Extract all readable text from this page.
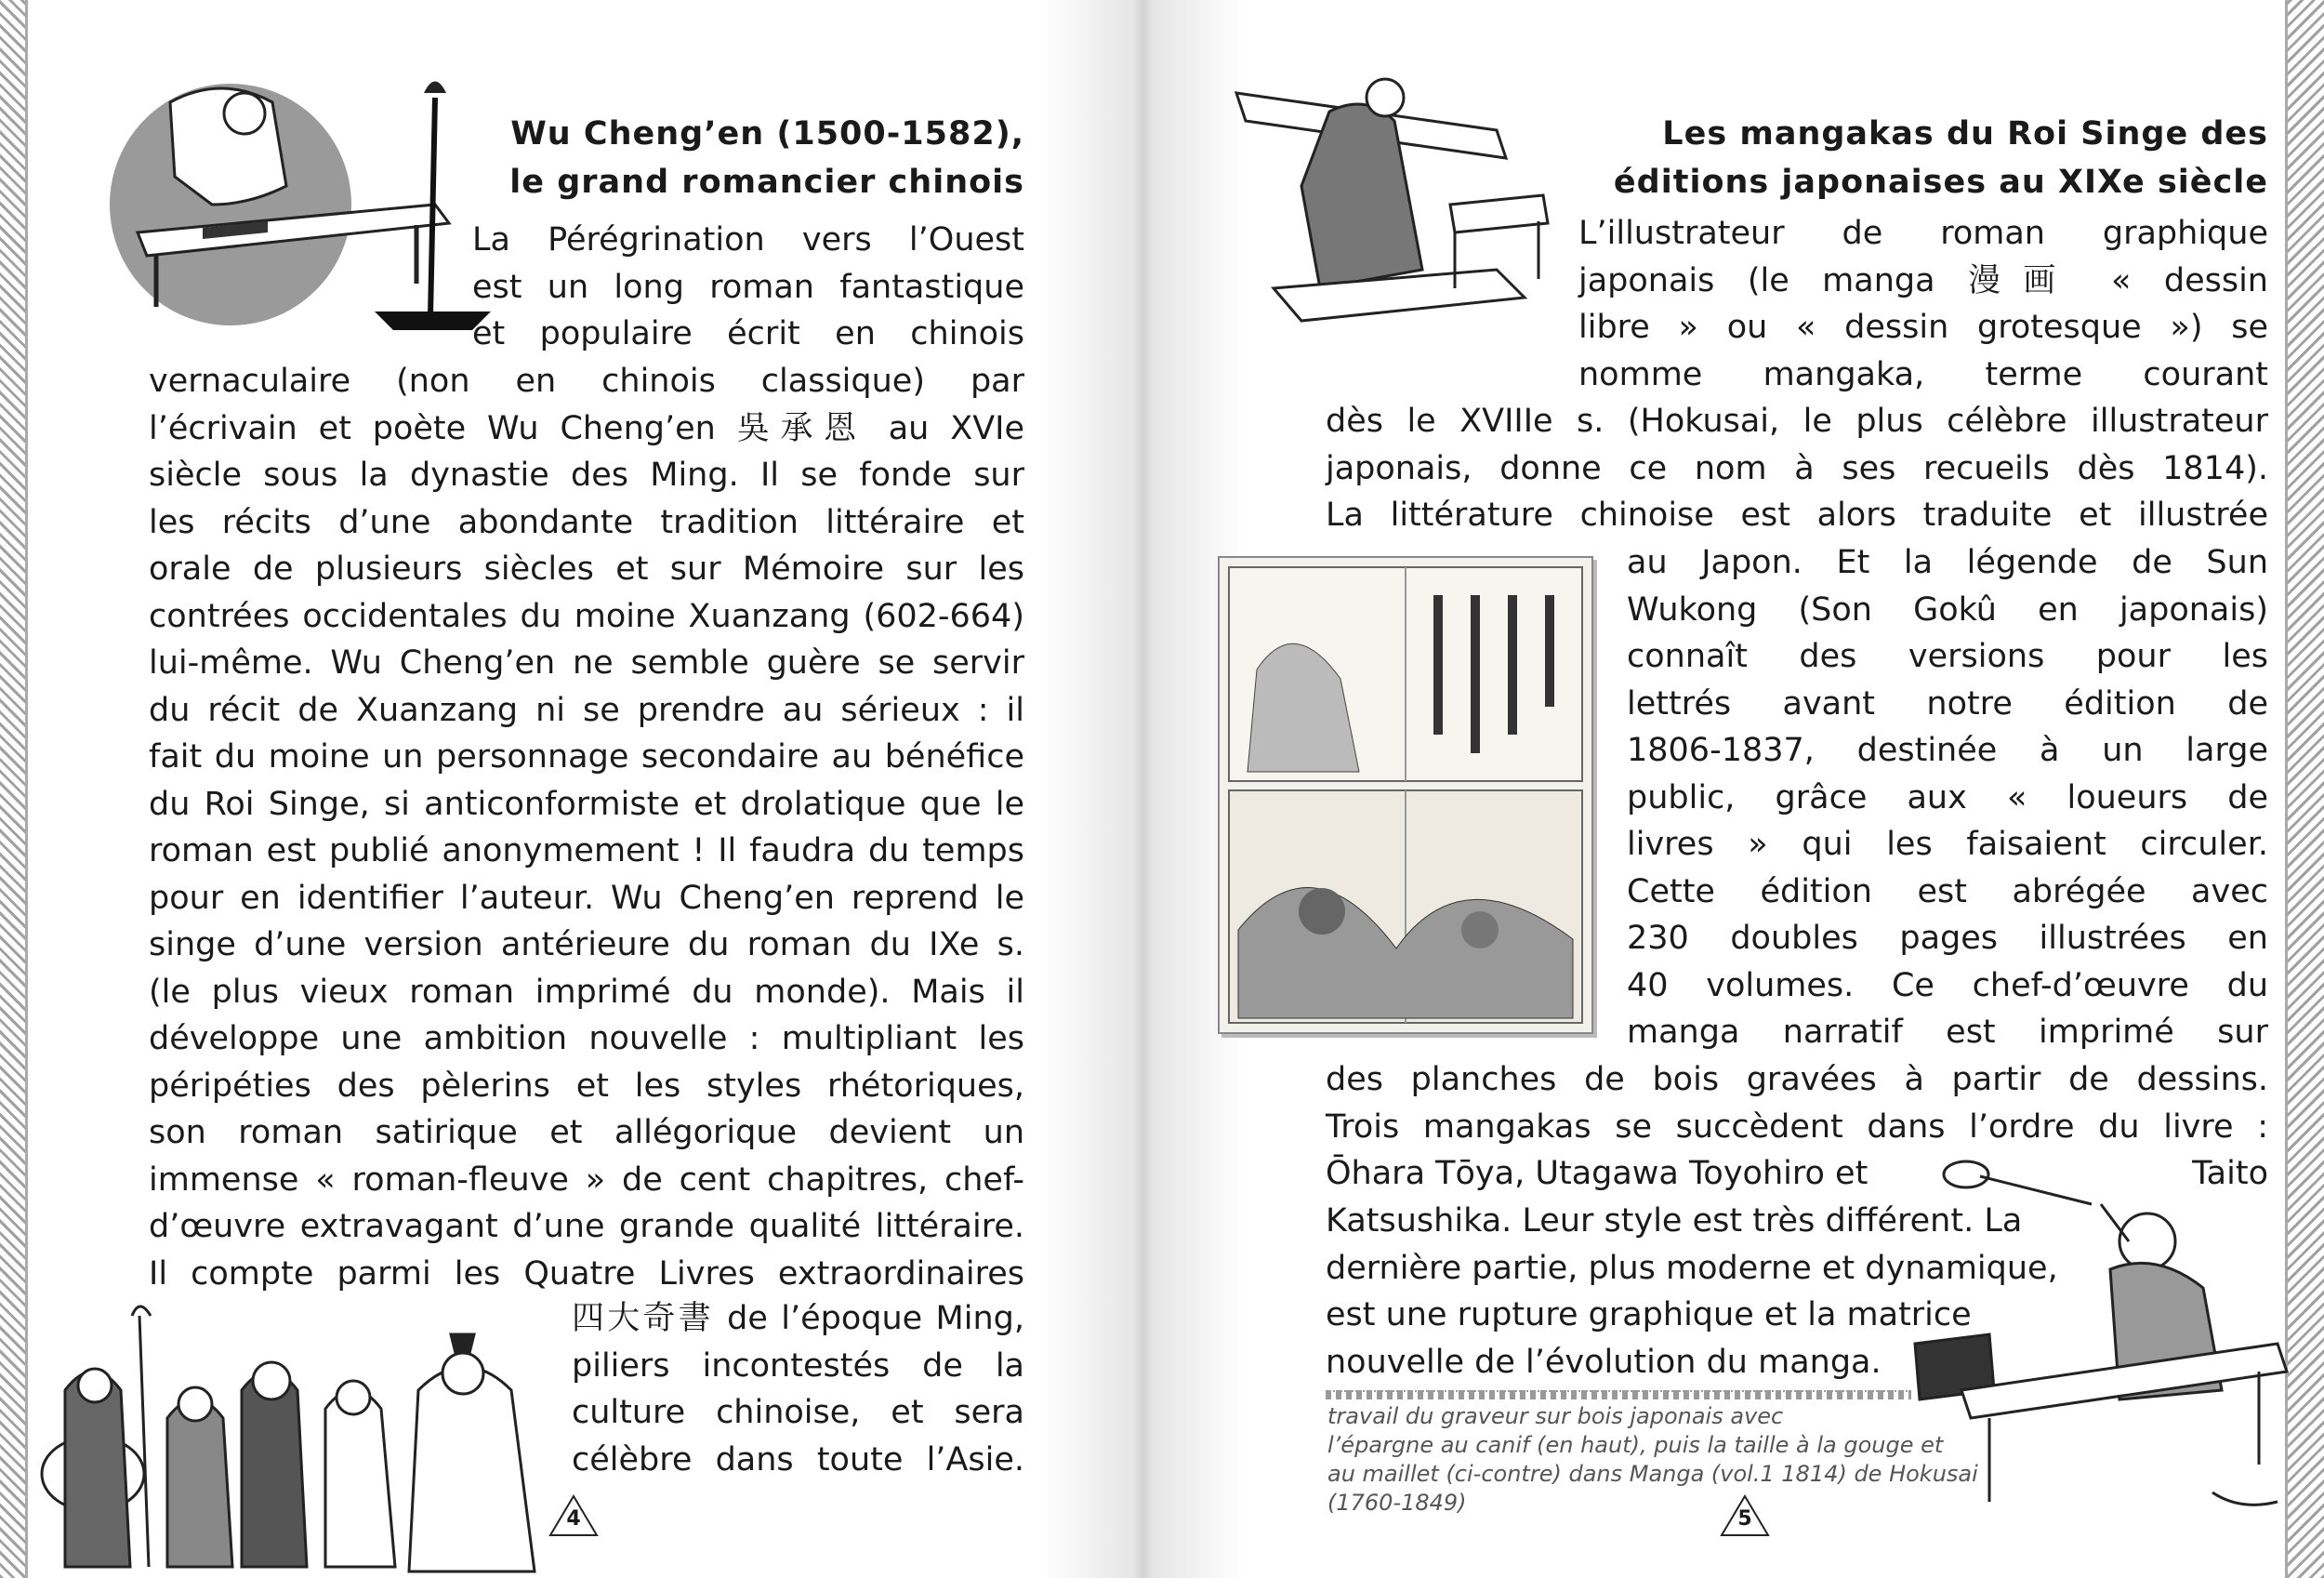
Wu Cheng’en (1500-1582),
le grand romancier chinois
La Pérégrination vers l’Ouest
est un long roman fantastique
et populaire écrit en chinois
vernaculaire (non en chinois classique) par
l’écrivain et poète Wu Cheng’en 吳承恩 au XVIe
siècle sous la dynastie des Ming. Il se fonde sur
les récits d’une abondante tradition littéraire et
orale de plusieurs siècles et sur Mémoire sur les
contrées occidentales du moine Xuanzang (602-664)
lui-même. Wu Cheng’en ne semble guère se servir
du récit de Xuanzang ni se prendre au sérieux : il
fait du moine un personnage secondaire au bénéfice
du Roi Singe, si anticonformiste et drolatique que le
roman est publié anonymement ! Il faudra du temps
pour en identifier l’auteur. Wu Cheng’en reprend le
singe d’une version antérieure du roman du IXe s.
(le plus vieux roman imprimé du monde). Mais il
développe une ambition nouvelle : multipliant les
péripéties des pèlerins et les styles rhétoriques,
son roman satirique et allégorique devient un
immense « roman-fleuve » de cent chapitres, chef-
d’œuvre extravagant d’une grande qualité littéraire.
Il compte parmi les Quatre Livres extraordinaires
四大奇書 de l’époque Ming,
piliers incontestés de la
culture chinoise, et sera
célèbre dans toute l’Asie.
4
Les mangakas du Roi Singe des
éditions japonaises au XIXe siècle
L’illustrateur de roman graphique
japonais (le manga 漫画 « dessin
libre » ou « dessin grotesque ») se
nomme mangaka, terme courant
dès le XVIIIe s. (Hokusai, le plus célèbre illustrateur
japonais, donne ce nom à ses recueils dès 1814).
La littérature chinoise est alors traduite et illustrée
au Japon. Et la légende de Sun
Wukong (Son Gokû en japonais)
connaît des versions pour les
lettrés avant notre édition de
1806-1837, destinée à un large
public, grâce aux « loueurs de
livres » qui les faisaient circuler.
Cette édition est abrégée avec
230 doubles pages illustrées en
40 volumes. Ce chef-d’œuvre du
manga narratif est imprimé sur
des planches de bois gravées à partir de dessins.
Trois mangakas se succèdent dans l’ordre du livre :
Ōhara Tōya, Utagawa Toyohiro et	Taito
Katsushika. Leur style est très différent. La
dernière partie, plus moderne et dynamique,
est une rupture graphique et la matrice
nouvelle de l’évolution du manga.
travail du graveur sur bois japonais avec
l’épargne au canif (en haut), puis la taille à la gouge et
au maillet (ci-contre) dans Manga (vol.1 1814) de Hokusai (1760-1849)
5
